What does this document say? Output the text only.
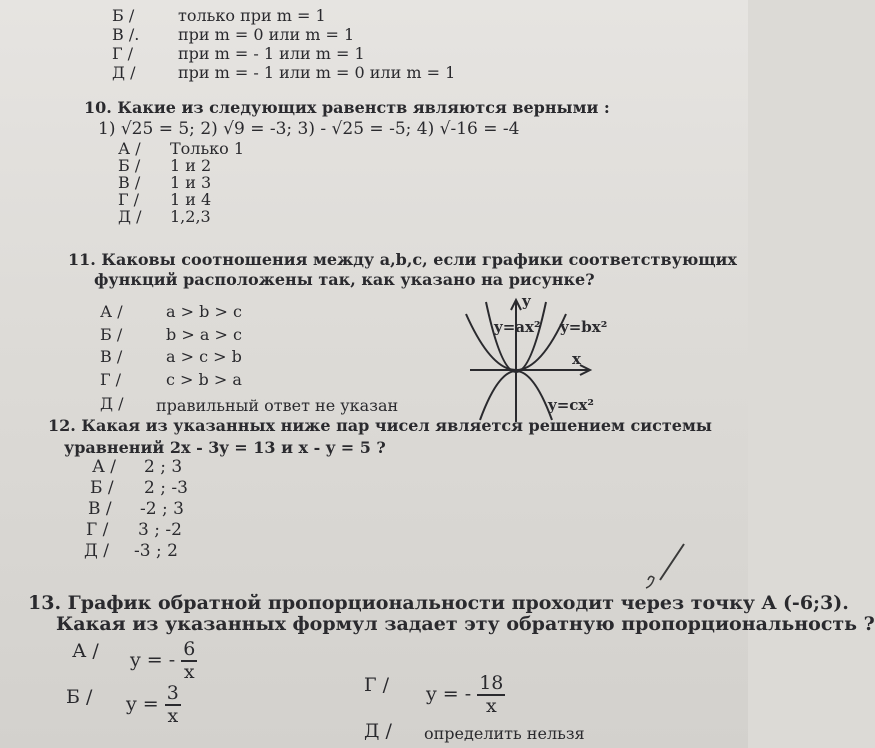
Б /	только при m = 1
В /. при m = 0 или m = 1
Г /	при m = - 1 или m = 1
Д /	при m = - 1 или m = 0 или m = 1
10. Какие из следующих равенств являются верными :
1) √25 = 5; 2) √9 = -3; 3) - √25 = -5; 4) √-16 = -4
А / Только 1
Б / 1 и 2
В / 1 и 3
Г / 1 и 4
Д / 1,2,3
11. Каковы соотношения между a,b,c, если графики соответствующих
функций расположены так, как указано на рисунке?
А /	a > b > c
Б /	b > a > c
В /	a > c > b
Г /	c > b > a
Д / правильный ответ не указан
y
x
y=ax² y=bx²
y=cx²
12. Какая из указанных ниже пар чисел является решением системы
уравнений 2x - 3y = 13 и x - y = 5 ?
А / 2 ; 3
Б / 2 ; -3
В / -2 ; 3
Г / 3 ; -2
Д / -3 ; 2
13. График обратной пропорциональности проходит через точку A (-6;3).
Какая из указанных формул задает эту обратную пропорциональность ?
А / y = - $\frac{6}{x}$
$Б / y = \frac{3}{x}$	Г / y = - $\frac{18}{x}$
Д / определить нельзя
